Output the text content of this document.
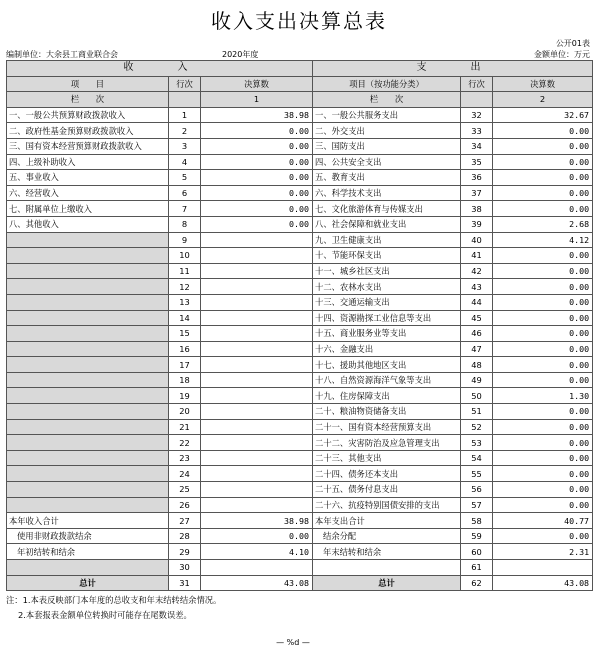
收入支出决算总表
公开01表
编制单位：大余县工商业联合会	2020年度	金额单位：万元
收　　入			支　　出		
项　　目	行次	决算数	项目（按功能分类）	行次	决算数
栏　　次		1	栏　　次		2
一、一般公共预算财政拨款收入	1	38.98	一、一般公共服务支出	32	32.67
二、政府性基金预算财政拨款收入	2	0.00	二、外交支出	33	0.00
三、国有资本经营预算财政拨款收入	3	0.00	三、国防支出	34	0.00
四、上级补助收入	4	0.00	四、公共安全支出	35	0.00
五、事业收入	5	0.00	五、教育支出	36	0.00
六、经营收入	6	0.00	六、科学技术支出	37	0.00
七、附属单位上缴收入	7	0.00	七、文化旅游体育与传媒支出	38	0.00
八、其他收入	8	0.00	八、社会保障和就业支出	39	2.68
	9		九、卫生健康支出	40	4.12
	10		十、节能环保支出	41	0.00
	11		十一、城乡社区支出	42	0.00
	12		十二、农林水支出	43	0.00
	13		十三、交通运输支出	44	0.00
	14		十四、资源勘探工业信息等支出	45	0.00
	15		十五、商业服务业等支出	46	0.00
	16		十六、金融支出	47	0.00
	17		十七、援助其他地区支出	48	0.00
	18		十八、自然资源海洋气象等支出	49	0.00
	19		十九、住房保障支出	50	1.30
	20		二十、粮油物资储备支出	51	0.00
	21		二十一、国有资本经营预算支出	52	0.00
	22		二十二、灾害防治及应急管理支出	53	0.00
	23		二十三、其他支出	54	0.00
	24		二十四、债务还本支出	55	0.00
	25		二十五、债务付息支出	56	0.00
	26		二十六、抗疫特别国债安排的支出	57	0.00
本年收入合计	27	38.98	本年支出合计	58	40.77
使用非财政拨款结余	28	0.00	结余分配	59	0.00
年初结转和结余	29	4.10	年末结转和结余	60	2.31
	30			61	
总计	31	43.08	总计	62	43.08
注：1.本表反映部门本年度的总收支和年末结转结余情况。
2.本套报表金额单位转换时可能存在尾数误差。
— %d —
